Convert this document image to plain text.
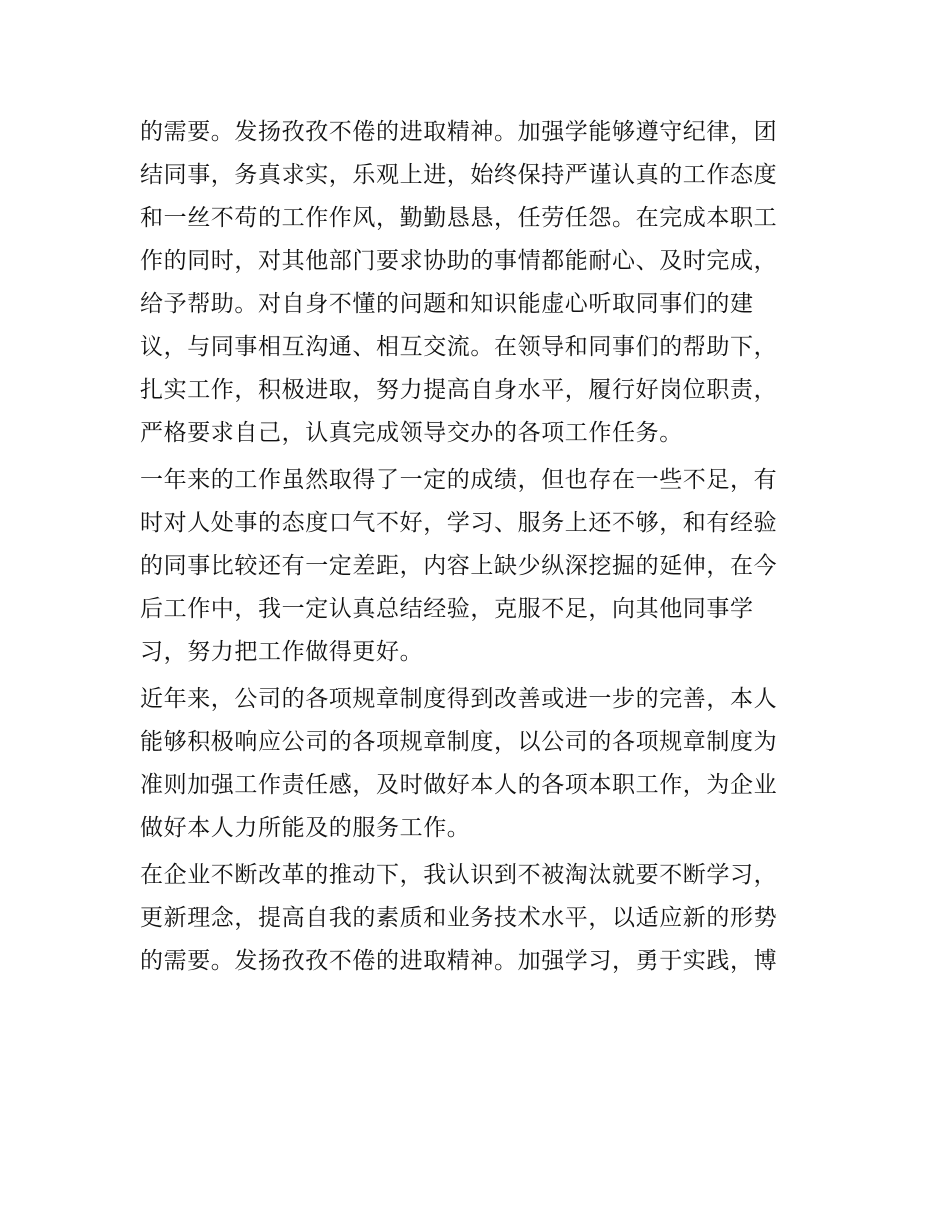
的需要。发扬孜孜不倦的进取精神。加强学能够遵守纪律，团
结同事，务真求实，乐观上进，始终保持严谨认真的工作态度
和一丝不苟的工作作风，勤勤恳恳，任劳任怨。在完成本职工
作的同时，对其他部门要求协助的事情都能耐心、及时完成，
给予帮助。对自身不懂的问题和知识能虚心听取同事们的建
议，与同事相互沟通、相互交流。在领导和同事们的帮助下，
扎实工作，积极进取，努力提高自身水平，履行好岗位职责，
严格要求自己，认真完成领导交办的各项工作任务。
一年来的工作虽然取得了一定的成绩，但也存在一些不足，有
时对人处事的态度口气不好，学习、服务上还不够，和有经验
的同事比较还有一定差距，内容上缺少纵深挖掘的延伸，在今
后工作中，我一定认真总结经验，克服不足，向其他同事学
习，努力把工作做得更好。
近年来，公司的各项规章制度得到改善或进一步的完善，本人
能够积极响应公司的各项规章制度，以公司的各项规章制度为
准则加强工作责任感，及时做好本人的各项本职工作，为企业
做好本人力所能及的服务工作。
在企业不断改革的推动下，我认识到不被淘汰就要不断学习，
更新理念，提高自我的素质和业务技术水平，以适应新的形势
的需要。发扬孜孜不倦的进取精神。加强学习，勇于实践，博
